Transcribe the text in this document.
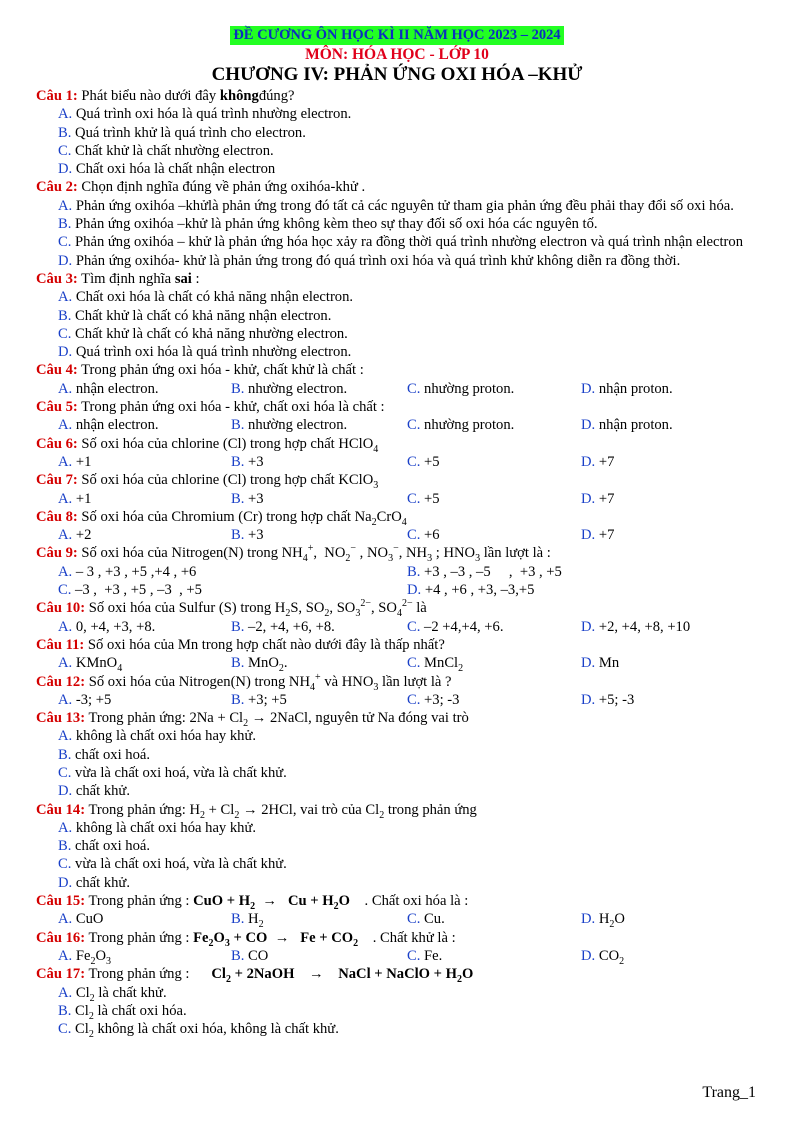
ĐỀ CƯƠNG ÔN HỌC KÌ II NĂM HỌC 2023 – 2024
MÔN: HÓA HỌC - LỚP 10
CHƯƠNG IV: PHẢN ỨNG OXI HÓA –KHỬ
Câu 1: Phát biểu nào dưới đây khôngđúng?
A. Quá trình oxi hóa là quá trình nhường electron.
B. Quá trình khử là quá trình cho electron.
C. Chất khử là chất nhường electron.
D. Chất oxi hóa là chất nhận electron
Câu 2: Chọn định nghĩa đúng về phản ứng oxihóa-khử .
A. Phản ứng oxihóa –khửlà phản ứng trong đó tất cả các nguyên tử tham gia phản ứng đều phải thay đổi số oxi hóa.
B. Phản ứng oxihóa –khử là phản ứng không kèm theo sự thay đối số oxi hóa các nguyên tố.
C. Phản ứng oxihóa – khử là phản ứng hóa học xảy ra đồng thời quá trình nhường electron và quá trình nhận electron
D. Phản ứng oxihóa- khử là phản ứng trong đó quá trình oxi hóa và quá trình khử không diễn ra đồng thời.
Câu 3: Tìm định nghĩa sai :
A. Chất oxi hóa là chất có khả năng nhận electron.
B. Chất khử là chất có khả năng nhận electron.
C. Chất khử là chất có khả năng nhường electron.
D. Quá trình oxi hóa là quá trình nhường electron.
Câu 4: Trong phản ứng oxi hóa - khử, chất khử là chất :
A. nhận electron.	B. nhường electron.	C. nhường proton.	D. nhận proton.
Câu 5: Trong phản ứng oxi hóa - khử, chất oxi hóa là chất :
A. nhận electron.	B. nhường electron.	C. nhường proton.	D. nhận proton.
Câu 6: Số oxi hóa của chlorine (Cl) trong hợp chất HClO$_4$
A. +1	B. +3	C. +5	D. +7
Câu 7: Số oxi hóa của chlorine (Cl) trong hợp chất KClO$_3$
A. +1	B. +3	C. +5	D. +7
Câu 8: Số oxi hóa của Chromium (Cr) trong hợp chất $Na_2CrO_4$
A. +2	B. +3	C. +6	D. +7
Câu 9: Số oxi hóa của Nitrogen(N) trong $NH_4^+$,  $NO_2^-$ , $NO_3^-$, $NH_3$ ; $HNO_3$ lần lượt là :
A. – 3 , +3 , +5 ,+4 , +6	B. +3 , –3 , –5     ,  +3 , +5
C. –3 ,  +3 , +5 , –3  , +5	D. +4 , +6 , +3, –3,+5
Câu 10: Số oxi hóa của Sulfur (S) trong $H_2S$, $SO_2$, $SO_3^{2-}$, $SO_4^{2-}$ là
A. 0, +4, +3, +8.	B. –2, +4, +6, +8.	C. –2 +4,+4, +6.	D. +2, +4, +8, +10
Câu 11: Số oxi hóa của Mn trong hợp chất nào dưới đây là thấp nhất?
A. KMnO$_4$	B. MnO$_2$.	C. MnCl$_2$	D. Mn
Câu 12: Số oxi hóa của Nitrogen(N) trong $NH_4^+$ và $HNO_3$ lần lượt là ?
A. -3; +5	B. +3; +5	C. +3; -3	D. +5; -3
Câu 13: Trong phản ứng: $2Na + Cl_2$ → 2NaCl, nguyên tử Na đóng vai trò
A. không là chất oxi hóa hay khử.
B. chất oxi hoá.
C. vừa là chất oxi hoá, vừa là chất khử.
D. chất khử.
Câu 14: Trong phản ứng: $H_2 + Cl_2 \to 2HCl$, vai trò của $Cl_2$ trong phản ứng
A. không là chất oxi hóa hay khử.
B. chất oxi hoá.
C. vừa là chất oxi hoá, vừa là chất khử.
D. chất khử.
Câu 15: Trong phản ứng : CuO + $H_2 \to Cu + H_2O$ . Chất oxi hóa là :
A. CuO	B. $H_2$	C. Cu.	D. $H_2O$
Câu 16: Trong phản ứng : $Fe_2O_3$ + CO  →   $Fe + CO_2$ . Chất khử là :
A. $Fe_2O_3$	B. CO	C. Fe.	D. $CO_2$
Câu 17: Trong phản ứng : $Cl_2$ + 2NaOH    →    NaCl + NaClO + $H_2O$
A. $Cl_2$ là chất khử.
B. $Cl_2$ là chất oxi hóa.
C. $Cl_2$ không là chất oxi hóa, không là chất khử.
Trang_1
